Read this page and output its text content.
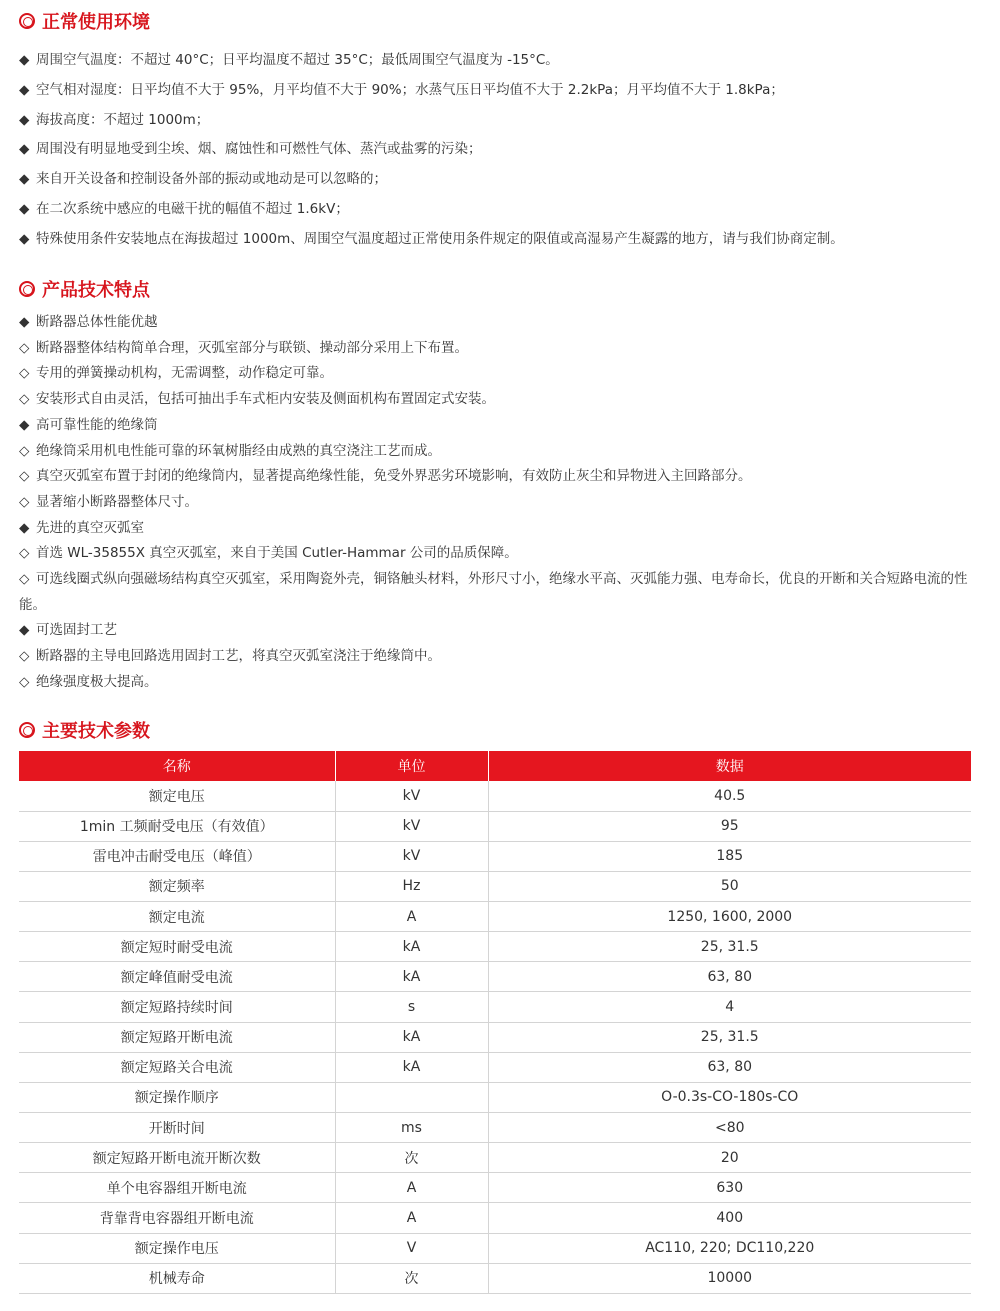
正常使用环境
◆ 周围空气温度：不超过 40°C；日平均温度不超过 35°C；最低周围空气温度为 -15°C。
◆ 空气相对湿度：日平均值不大于 95%，月平均值不大于 90%；水蒸气压日平均值不大于 2.2kPa；月平均值不大于 1.8kPa；
◆ 海拔高度：不超过 1000m；
◆ 周围没有明显地受到尘埃、烟、腐蚀性和可燃性气体、蒸汽或盐雾的污染；
◆ 来自开关设备和控制设备外部的振动或地动是可以忽略的；
◆ 在二次系统中感应的电磁干扰的幅值不超过 1.6kV；
◆ 特殊使用条件安装地点在海拔超过 1000m、周围空气温度超过正常使用条件规定的限值或高湿易产生凝露的地方，请与我们协商定制。
产品技术特点
◆ 断路器总体性能优越
◇ 断路器整体结构简单合理，灭弧室部分与联锁、操动部分采用上下布置。
◇ 专用的弹簧操动机构，无需调整，动作稳定可靠。
◇ 安装形式自由灵活，包括可抽出手车式柜内安装及侧面机构布置固定式安装。
◆ 高可靠性能的绝缘筒
◇ 绝缘筒采用机电性能可靠的环氧树脂经由成熟的真空浇注工艺而成。
◇ 真空灭弧室布置于封闭的绝缘筒内，显著提高绝缘性能，免受外界恶劣环境影响，有效防止灰尘和异物进入主回路部分。
◇ 显著缩小断路器整体尺寸。
◆ 先进的真空灭弧室
◇ 首选 WL-35855X 真空灭弧室，来自于美国 Cutler-Hammar 公司的品质保障。
◇ 可选线圈式纵向强磁场结构真空灭弧室，采用陶瓷外壳，铜铬触头材料，外形尺寸小，绝缘水平高、灭弧能力强、电寿命长，优良的开断和关合短路电流的性能。
◆ 可选固封工艺
◇ 断路器的主导电回路选用固封工艺，将真空灭弧室浇注于绝缘筒中。
◇ 绝缘强度极大提高。
主要技术参数
名称	单位	数据
额定电压	kV	40.5
1min 工频耐受电压（有效值）	kV	95
雷电冲击耐受电压（峰值）	kV	185
额定频率	Hz	50
额定电流	A	1250, 1600, 2000
额定短时耐受电流	kA	25, 31.5
额定峰值耐受电流	kA	63, 80
额定短路持续时间	s	4
额定短路开断电流	kA	25, 31.5
额定短路关合电流	kA	63, 80
额定操作顺序		O-0.3s-CO-180s-CO
开断时间	ms	<80
额定短路开断电流开断次数	次	20
单个电容器组开断电流	A	630
背靠背电容器组开断电流	A	400
额定操作电压	V	AC110, 220; DC110,220
机械寿命	次	10000
